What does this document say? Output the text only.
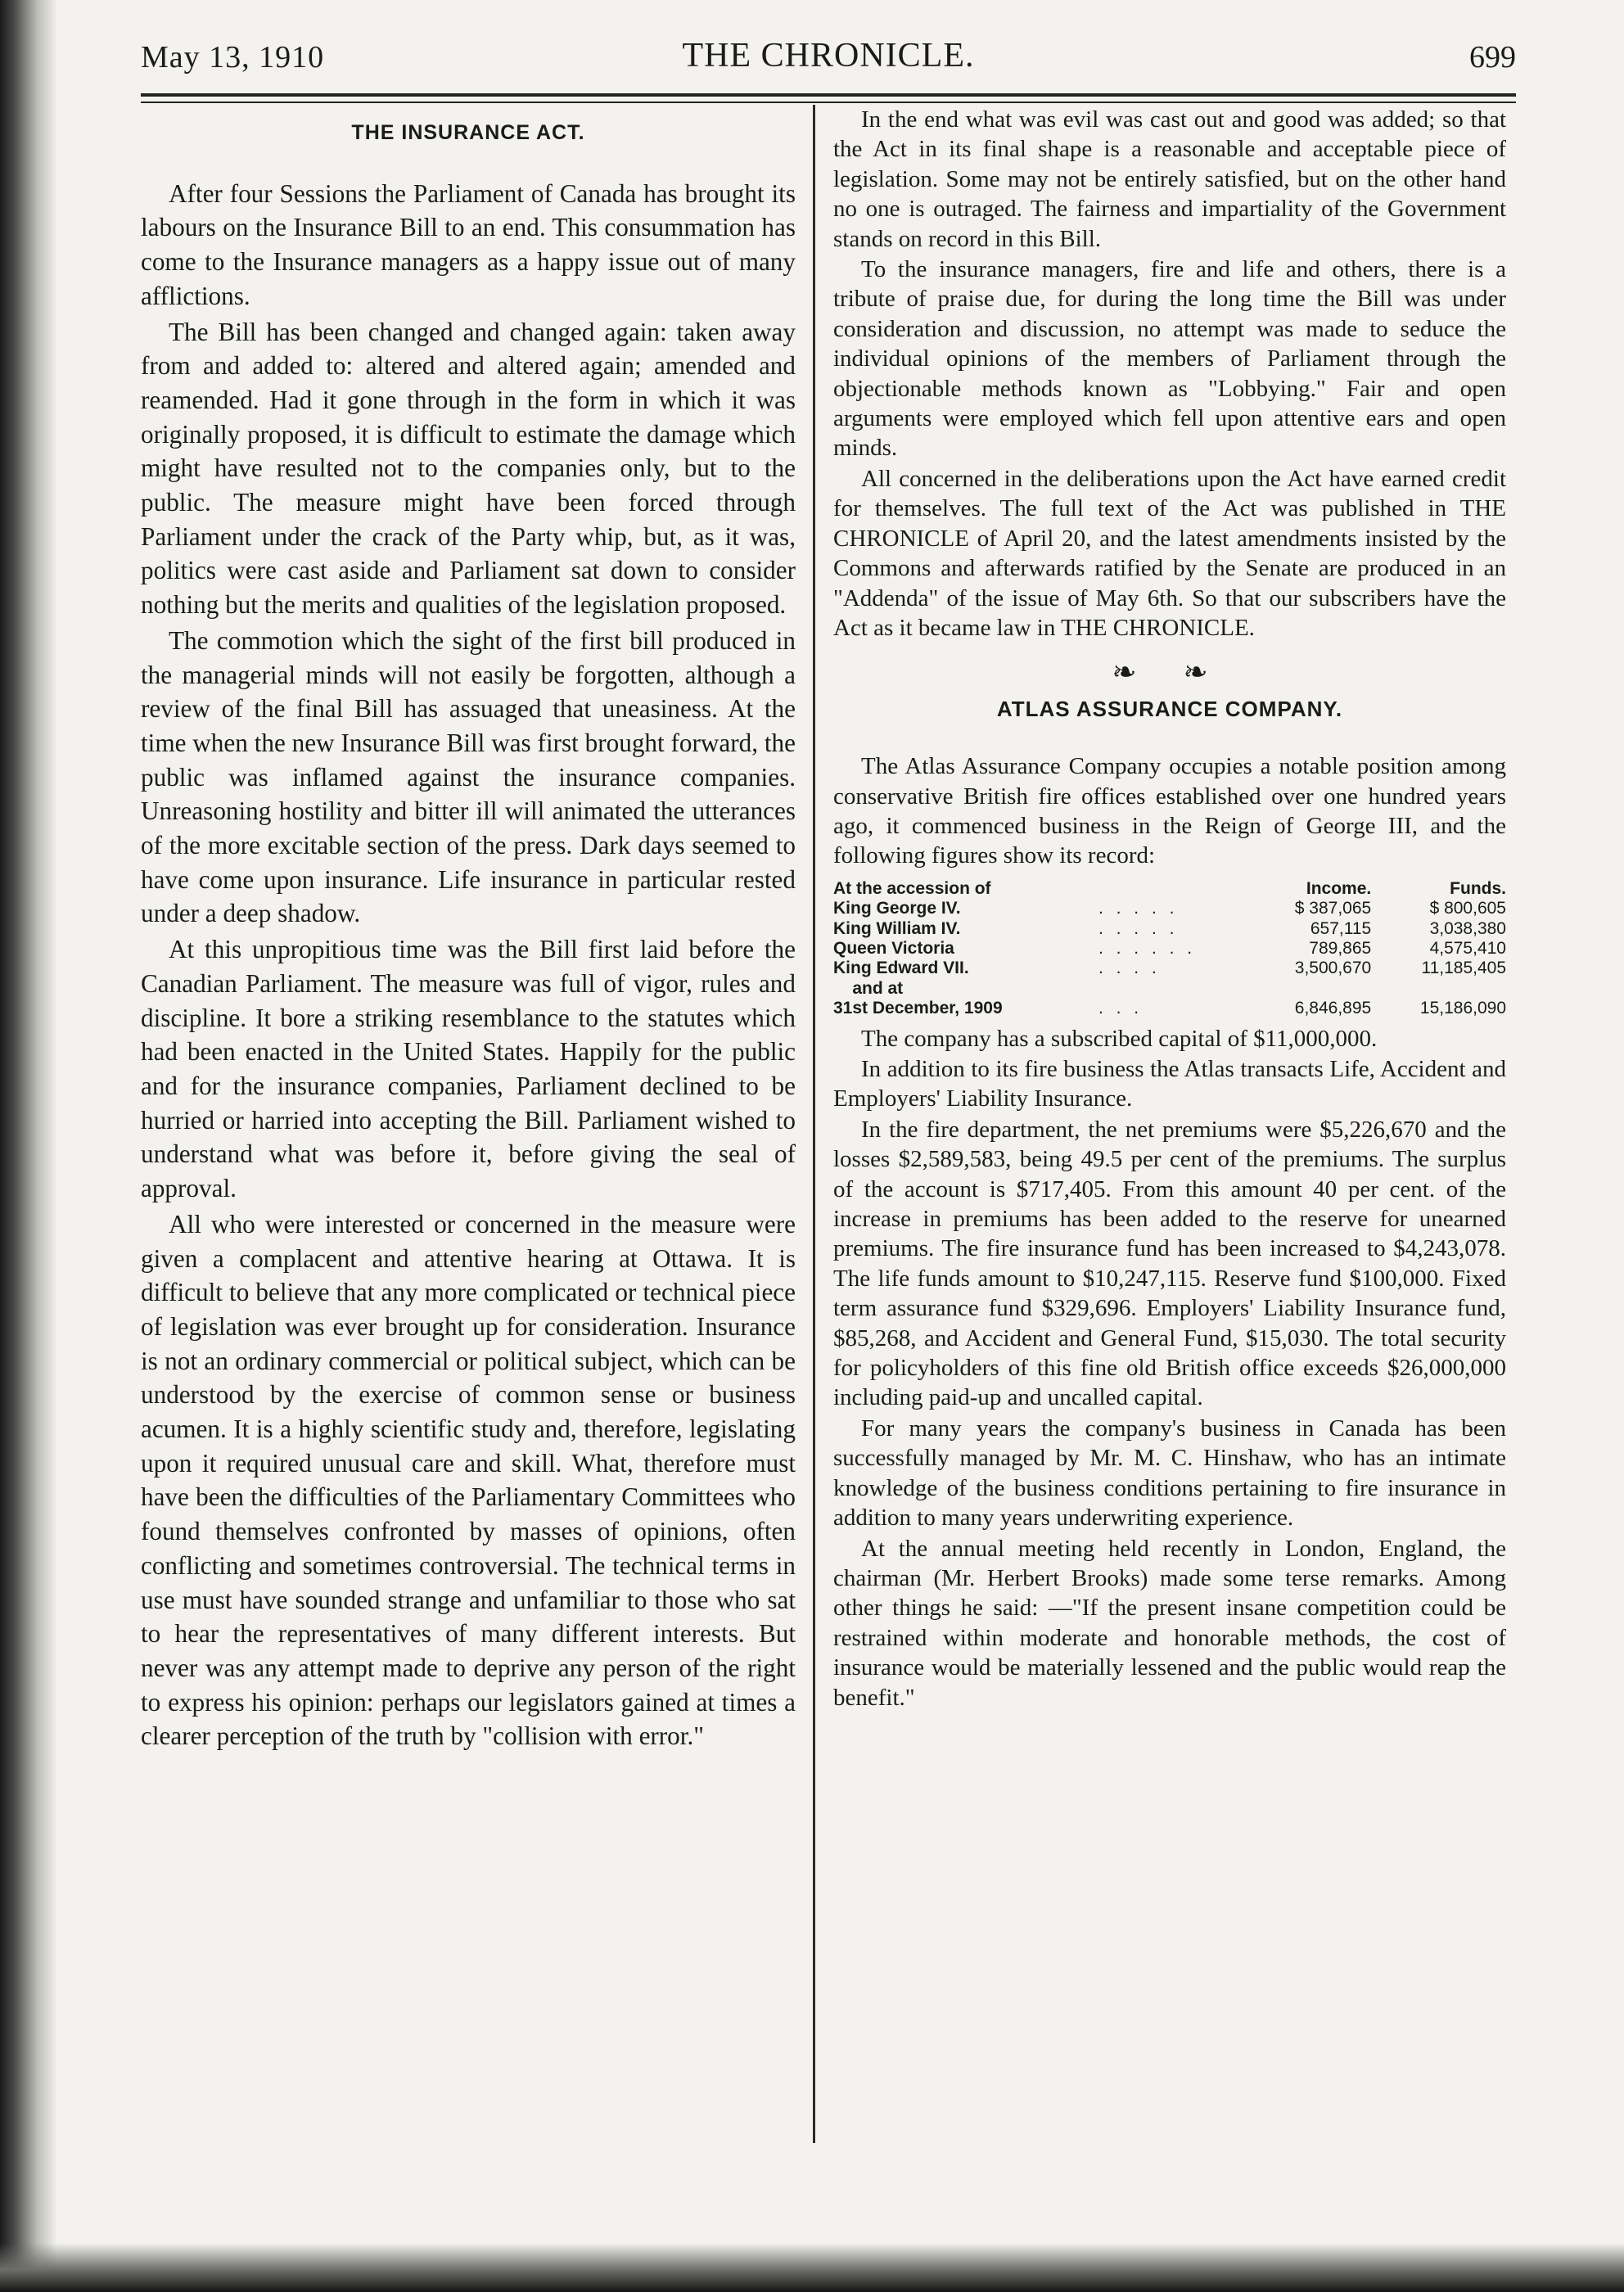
May 13, 1910	THE CHRONICLE.	699
THE INSURANCE ACT.

After four Sessions the Parliament of Canada has brought its labours on the Insurance Bill to an end. This consummation has come to the Insurance managers as a happy issue out of many afflictions.

The Bill has been changed and changed again: taken away from and added to: altered and altered again; amended and reamended. Had it gone through in the form in which it was originally proposed, it is difficult to estimate the damage which might have resulted not to the companies only, but to the public. The measure might have been forced through Parliament under the crack of the Party whip, but, as it was, politics were cast aside and Parliament sat down to consider nothing but the merits and qualities of the legislation proposed.

The commotion which the sight of the first bill produced in the managerial minds will not easily be forgotten, although a review of the final Bill has assuaged that uneasiness. At the time when the new Insurance Bill was first brought forward, the public was inflamed against the insurance companies. Unreasoning hostility and bitter ill will animated the utterances of the more excitable section of the press. Dark days seemed to have come upon insurance. Life insurance in particular rested under a deep shadow.

At this unpropitious time was the Bill first laid before the Canadian Parliament. The measure was full of vigor, rules and discipline. It bore a striking resemblance to the statutes which had been enacted in the United States. Happily for the public and for the insurance companies, Parliament declined to be hurried or harried into accepting the Bill. Parliament wished to understand what was before it, before giving the seal of approval.

All who were interested or concerned in the measure were given a complacent and attentive hearing at Ottawa. It is difficult to believe that any more complicated or technical piece of legislation was ever brought up for consideration. Insurance is not an ordinary commercial or political subject, which can be understood by the exercise of common sense or business acumen. It is a highly scientific study and, therefore, legislating upon it required unusual care and skill. What, therefore must have been the difficulties of the Parliamentary Committees who found themselves confronted by masses of opinions, often conflicting and sometimes controversial. The technical terms in use must have sounded strange and unfamiliar to those who sat to hear the representatives of many different interests. But never was any attempt made to deprive any person of the right to express his opinion: perhaps our legislators gained at times a clearer perception of the truth by "collision with error."

In the end what was evil was cast out and good was added; so that the Act in its final shape is a reasonable and acceptable piece of legislation. Some may not be entirely satisfied, but on the other hand no one is outraged. The fairness and impartiality of the Government stands on record in this Bill.

To the insurance managers, fire and life and others, there is a tribute of praise due, for during the long time the Bill was under consideration and discussion, no attempt was made to seduce the individual opinions of the members of Parliament through the objectionable methods known as "Lobbying." Fair and open arguments were employed which fell upon attentive ears and open minds.

All concerned in the deliberations upon the Act have earned credit for themselves. The full text of the Act was published in THE CHRONICLE of April 20, and the latest amendments insisted by the Commons and afterwards ratified by the Senate are produced in an "Addenda" of the issue of May 6th. So that our subscribers have the Act as it became law in THE CHRONICLE.

❧ ❧
ATLAS ASSURANCE COMPANY.

The Atlas Assurance Company occupies a notable position among conservative British fire offices established over one hundred years ago, it commenced business in the Reign of George III, and the following figures show its record:

At the accession of		Income.	Funds.
King George IV.	. . . . .	$ 387,065	$ 800,605
King William IV.	. . . . .	657,115	3,038,380
Queen Victoria	. . . . . .	789,865	4,575,410
King Edward VII.	. . . .	3,500,670	11,185,405
and at			
31st December, 1909	. . .	6,846,895	15,186,090

The company has a subscribed capital of $11,000,000.

In addition to its fire business the Atlas transacts Life, Accident and Employers' Liability Insurance.

In the fire department, the net premiums were $5,226,670 and the losses $2,589,583, being 49.5 per cent of the premiums. The surplus of the account is $717,405. From this amount 40 per cent. of the increase in premiums has been added to the reserve for unearned premiums. The fire insurance fund has been increased to $4,243,078. The life funds amount to $10,247,115. Reserve fund $100,000. Fixed term assurance fund $329,696. Employers' Liability Insurance fund, $85,268, and Accident and General Fund, $15,030. The total security for policyholders of this fine old British office exceeds $26,000,000 including paid-up and uncalled capital.

For many years the company's business in Canada has been successfully managed by Mr. M. C. Hinshaw, who has an intimate knowledge of the business conditions pertaining to fire insurance in addition to many years underwriting experience.

At the annual meeting held recently in London, England, the chairman (Mr. Herbert Brooks) made some terse remarks. Among other things he said: —"If the present insane competition could be restrained within moderate and honorable methods, the cost of insurance would be materially lessened and the public would reap the benefit."
